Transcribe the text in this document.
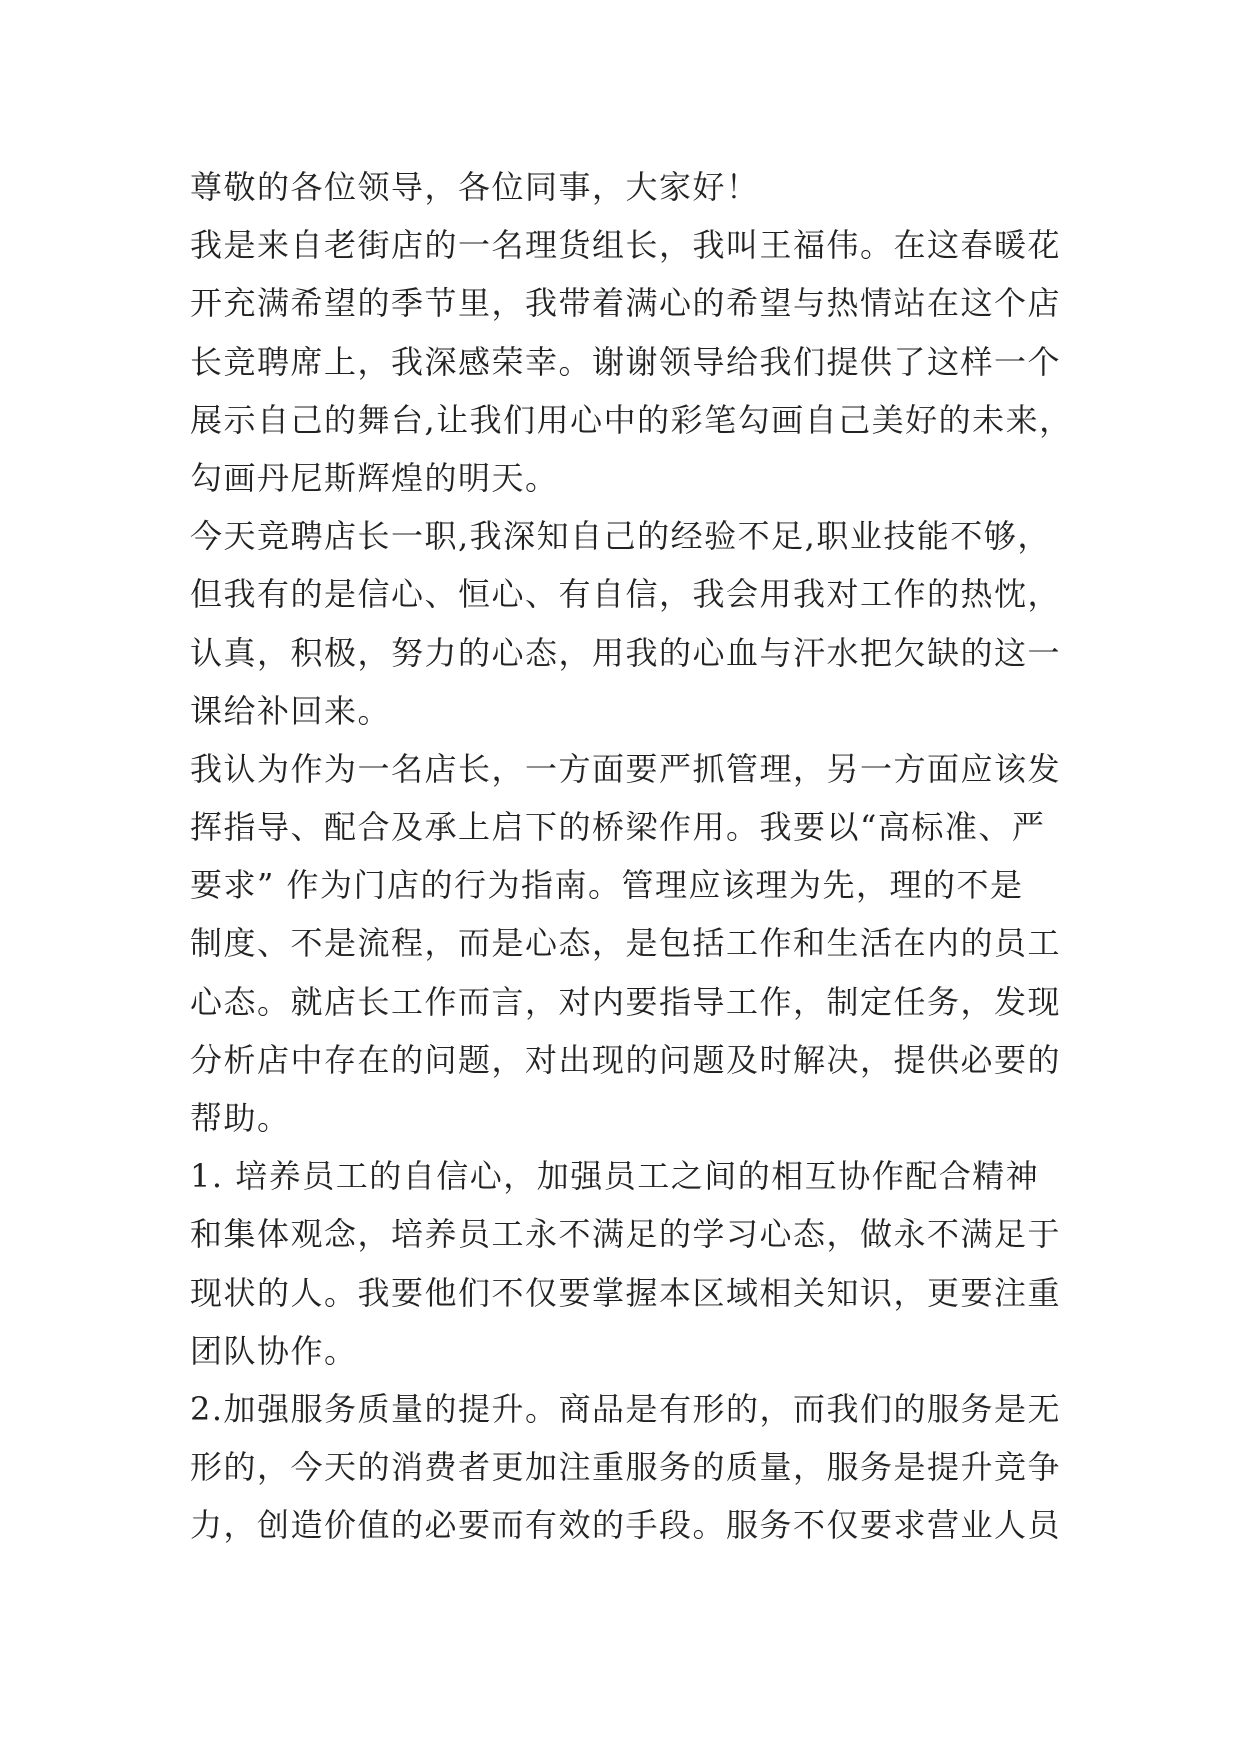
尊敬的各位领导，各位同事，大家好！
我是来自老街店的一名理货组长，我叫王福伟。在这春暖花
开充满希望的季节里，我带着满心的希望与热情站在这个店
长竞聘席上，我深感荣幸。谢谢领导给我们提供了这样一个
展示自己的舞台,让我们用心中的彩笔勾画自己美好的未来，
勾画丹尼斯辉煌的明天。
今天竞聘店长一职,我深知自己的经验不足,职业技能不够，
但我有的是信心、恒心、有自信，我会用我对工作的热忱，
认真，积极，努力的心态，用我的心血与汗水把欠缺的这一
课给补回来。
我认为作为一名店长，一方面要严抓管理，另一方面应该发
挥指导、配合及承上启下的桥梁作用。我要以“高标准、严
要求” 作为门店的行为指南。管理应该理为先，理的不是
制度、不是流程，而是心态，是包括工作和生活在内的员工
心态。就店长工作而言，对内要指导工作，制定任务，发现
分析店中存在的问题，对出现的问题及时解决，提供必要的
帮助。
1. 培养员工的自信心，加强员工之间的相互协作配合精神
和集体观念，培养员工永不满足的学习心态，做永不满足于
现状的人。我要他们不仅要掌握本区域相关知识，更要注重
团队协作。
2.加强服务质量的提升。商品是有形的，而我们的服务是无
形的，今天的消费者更加注重服务的质量，服务是提升竞争
力，创造价值的必要而有效的手段。服务不仅要求营业人员
